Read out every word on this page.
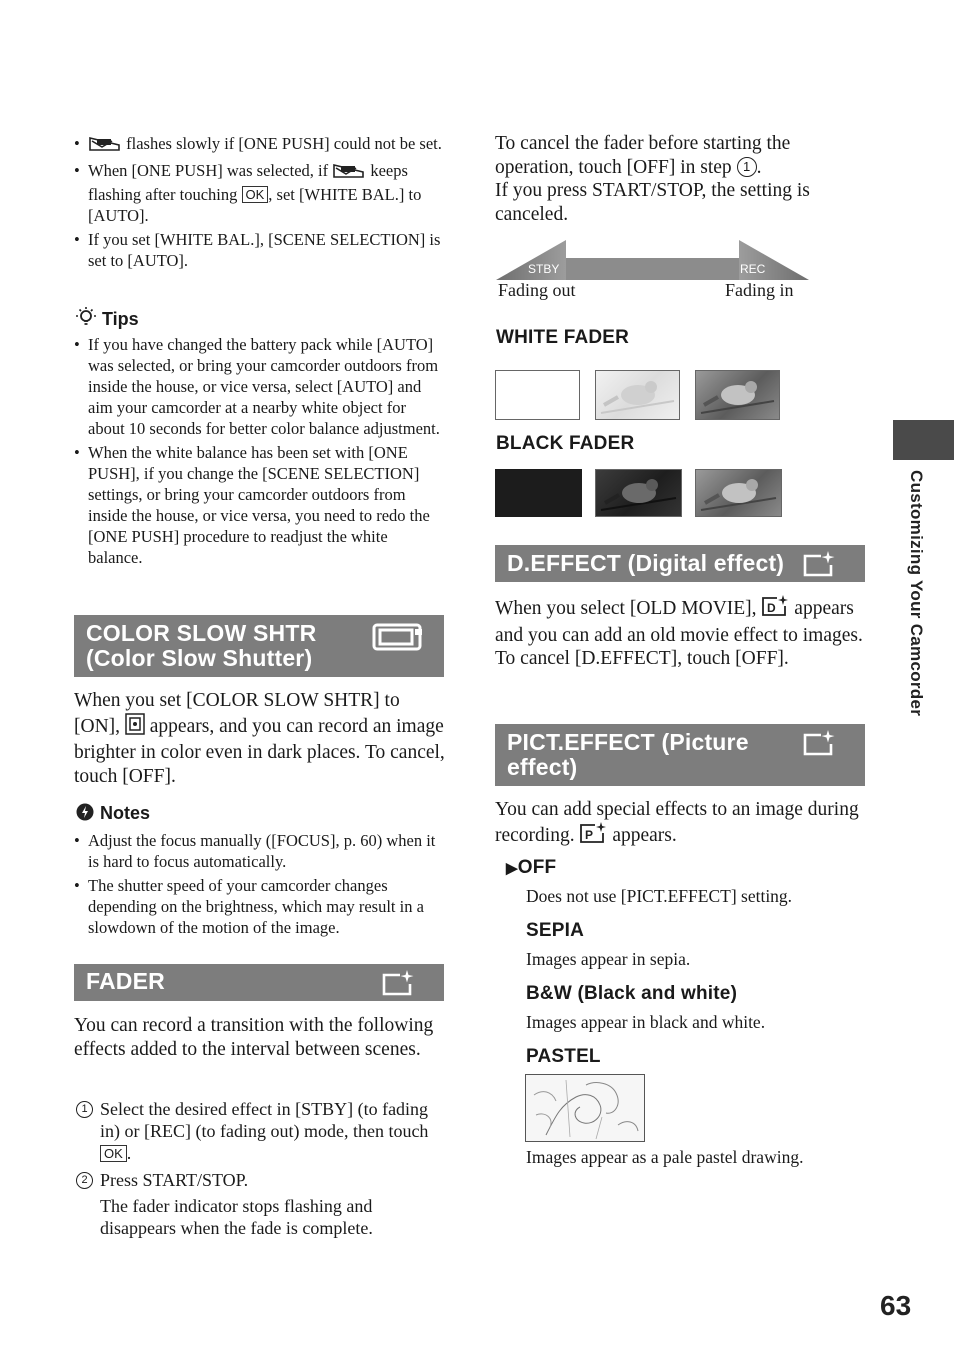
• flashes slowly if [ONE PUSH] could not be set.
• When [ONE PUSH] was selected, if	keeps flashing after touching OK , set [WHITE BAL.] to [AUTO].
• If you set [WHITE BAL.], [SCENE SELECTION] is set to [AUTO].
Tips
• If you have changed the battery pack while [AUTO] was selected, or bring your camcorder outdoors from inside the house, or vice versa, select [AUTO] and aim your camcorder at a nearby white object for about 10 seconds for better color balance adjustment.
• When the white balance has been set with [ONE PUSH], if you change the [SCENE SELECTION] settings, or bring your camcorder outdoors from inside the house, or vice versa, you need to redo the [ONE PUSH] procedure to readjust the white balance.
COLOR SLOW SHTR
(Color Slow Shutter)
When you set [COLOR SLOW SHTR] to [ON], appears, and you can record an image brighter in color even in dark places. To cancel, touch [OFF].
Notes
• Adjust the focus manually ([FOCUS], p. 60) when it is hard to focus automatically.
• The shutter speed of your camcorder changes depending on the brightness, which may result in a slowdown of the motion of the image.
FADER
You can record a transition with the following effects added to the interval between scenes.
1 Select the desired effect in [STBY] (to fading in) or [REC] (to fading out) mode, then touch OK .
2 Press START/STOP.
The fader indicator stops flashing and disappears when the fade is complete.
To cancel the fader before starting the operation, touch [OFF] in step 1 .
If you press START/STOP, the setting is canceled.
STBY	REC
Fading out	Fading in
WHITE FADER
BLACK FADER
D.EFFECT (Digital effect)
When you select [OLD MOVIE], D appears and you can add an old movie effect to images.
To cancel [D.EFFECT], touch [OFF].
PICT.EFFECT (Picture
effect)
You can add special effects to an image during recording. P appears.
▶OFF
Does not use [PICT.EFFECT] setting.
SEPIA
Images appear in sepia.
B&W (Black and white)
Images appear in black and white.
PASTEL
Images appear as a pale pastel drawing.
Customizing Your Camcorder
63
